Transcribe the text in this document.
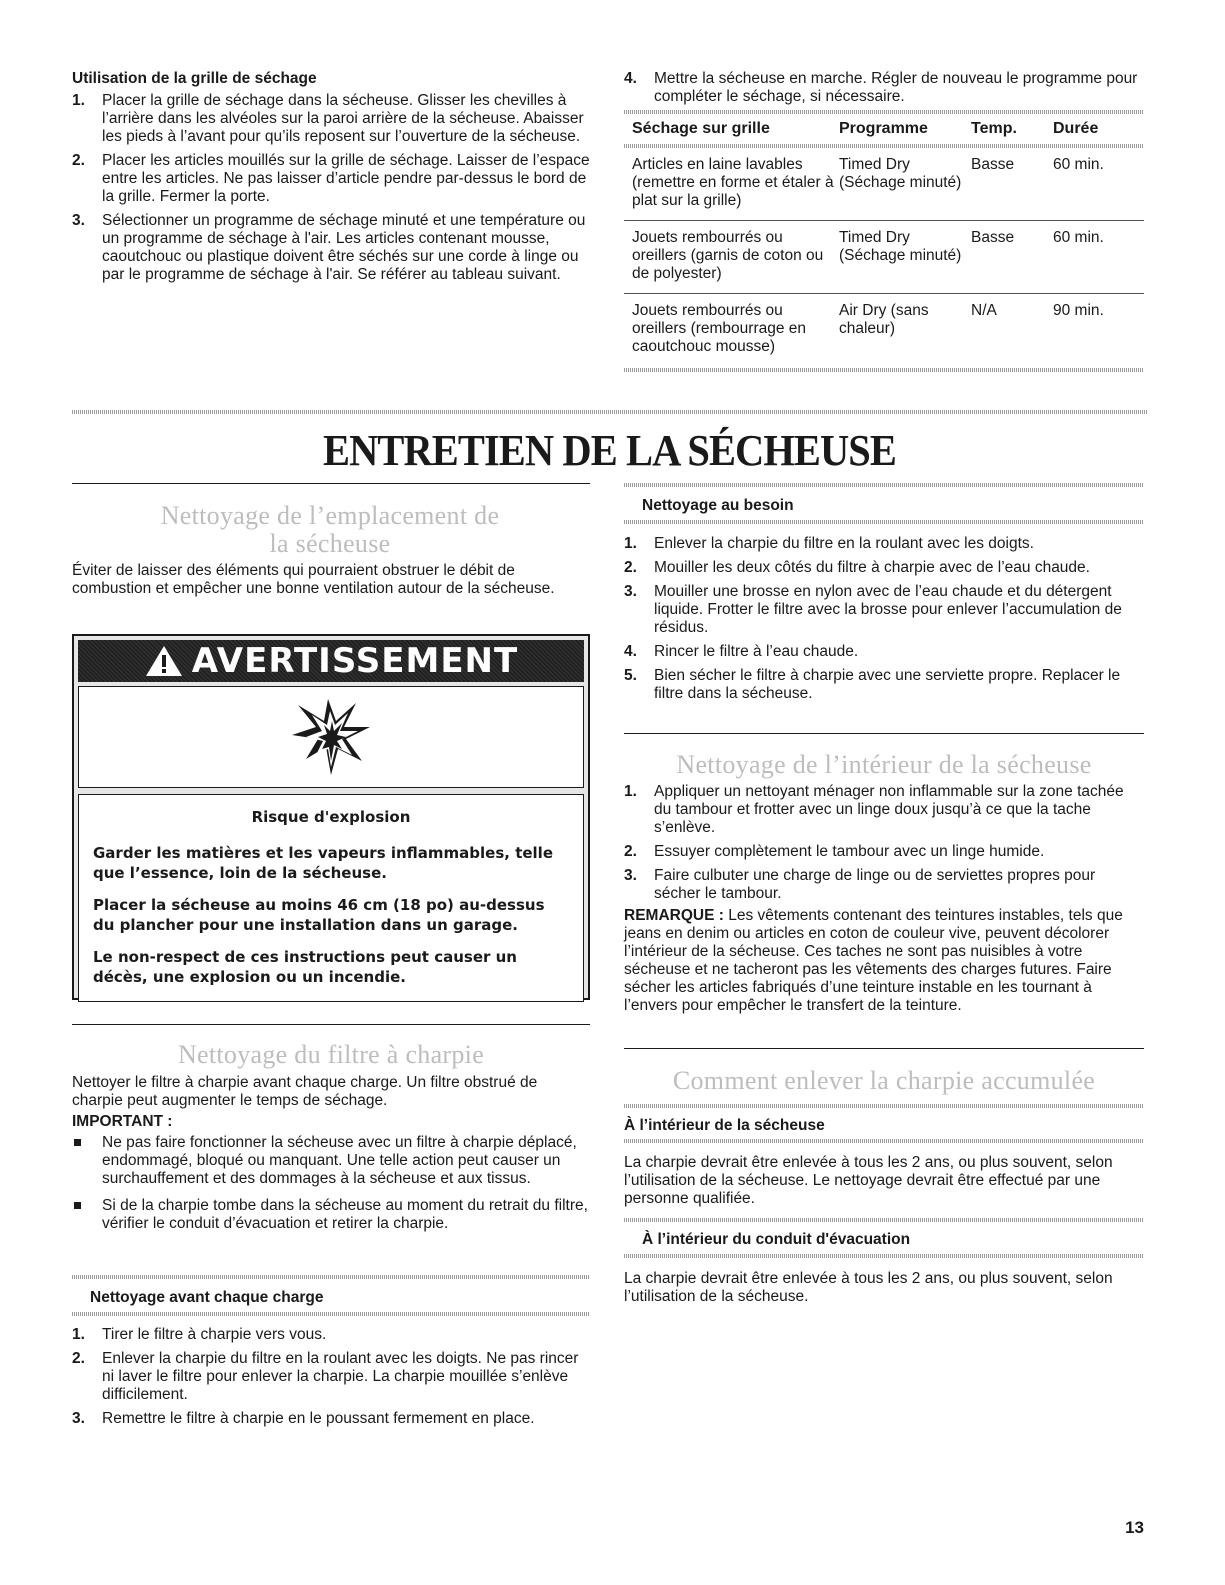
Utilisation de la grille de séchage
1. Placer la grille de séchage dans la sécheuse. Glisser les chevilles à l’arrière dans les alvéoles sur la paroi arrière de la sécheuse. Abaisser les pieds à l’avant pour qu’ils reposent sur l’ouverture de la sécheuse.
2. Placer les articles mouillés sur la grille de séchage. Laisser de l’espace entre les articles. Ne pas laisser d’article pendre par-dessus le bord de la grille. Fermer la porte.
3. Sélectionner un programme de séchage minuté et une température ou un programme de séchage à l'air. Les articles contenant mousse, caoutchouc ou plastique doivent être séchés sur une corde à linge ou par le programme de séchage à l'air. Se référer au tableau suivant.
4. Mettre la sécheuse en marche. Régler de nouveau le programme pour compléter le séchage, si nécessaire.
Séchage sur grille	Programme	Temp.	Durée

Articles en laine lavables (remettre en forme et étaler à plat sur la grille)	Timed Dry (Séchage minuté)	Basse	60 min.
Jouets rembourrés ou oreillers (garnis de coton ou de polyester)	Timed Dry (Séchage minuté)	Basse	60 min.
Jouets rembourrés ou oreillers (rembourrage en caoutchouc mousse)	Air Dry (sans chaleur)	N/A	90 min.
ENTRETIEN DE LA SÉCHEUSE
Nettoyage de l’emplacement de la sécheuse
Éviter de laisser des éléments qui pourraient obstruer le débit de combustion et empêcher une bonne ventilation autour de la sécheuse.
AVERTISSEMENT

Risque d'explosion

Garder les matières et les vapeurs inflammables, telle que l’essence, loin de la sécheuse.

Placer la sécheuse au moins 46 cm (18 po) au-dessus du plancher pour une installation dans un garage.

Le non-respect de ces instructions peut causer un décès, une explosion ou un incendie.

Nettoyage du filtre à charpie
Nettoyer le filtre à charpie avant chaque charge. Un filtre obstrué de charpie peut augmenter le temps de séchage.
IMPORTANT :
Ne pas faire fonctionner la sécheuse avec un filtre à charpie déplacé, endommagé, bloqué ou manquant. Une telle action peut causer un surchauffement et des dommages à la sécheuse et aux tissus.
Si de la charpie tombe dans la sécheuse au moment du retrait du filtre, vérifier le conduit d’évacuation et retirer la charpie.
Nettoyage avant chaque charge
1. Tirer le filtre à charpie vers vous.
2. Enlever la charpie du filtre en la roulant avec les doigts. Ne pas rincer ni laver le filtre pour enlever la charpie. La charpie mouillée s’enlève difficilement.
3. Remettre le filtre à charpie en le poussant fermement en place.
Nettoyage au besoin
1. Enlever la charpie du filtre en la roulant avec les doigts.
2. Mouiller les deux côtés du filtre à charpie avec de l’eau chaude.
3. Mouiller une brosse en nylon avec de l’eau chaude et du détergent liquide. Frotter le filtre avec la brosse pour enlever l’accumulation de résidus.
4. Rincer le filtre à l’eau chaude.
5. Bien sécher le filtre à charpie avec une serviette propre. Replacer le filtre dans la sécheuse.
Nettoyage de l’intérieur de la sécheuse
1. Appliquer un nettoyant ménager non inflammable sur la zone tachée du tambour et frotter avec un linge doux jusqu’à ce que la tache s’enlève.
2. Essuyer complètement le tambour avec un linge humide.
3. Faire culbuter une charge de linge ou de serviettes propres pour sécher le tambour.
REMARQUE : Les vêtements contenant des teintures instables, tels que jeans en denim ou articles en coton de couleur vive, peuvent décolorer l’intérieur de la sécheuse. Ces taches ne sont pas nuisibles à votre sécheuse et ne tacheront pas les vêtements des charges futures. Faire sécher les articles fabriqués d’une teinture instable en les tournant à l’envers pour empêcher le transfert de la teinture.
Comment enlever la charpie accumulée
À l’intérieur de la sécheuse
La charpie devrait être enlevée à tous les 2 ans, ou plus souvent, selon l’utilisation de la sécheuse. Le nettoyage devrait être effectué par une personne qualifiée.
À l’intérieur du conduit d'évacuation
La charpie devrait être enlevée à tous les 2 ans, ou plus souvent, selon l’utilisation de la sécheuse.
13
